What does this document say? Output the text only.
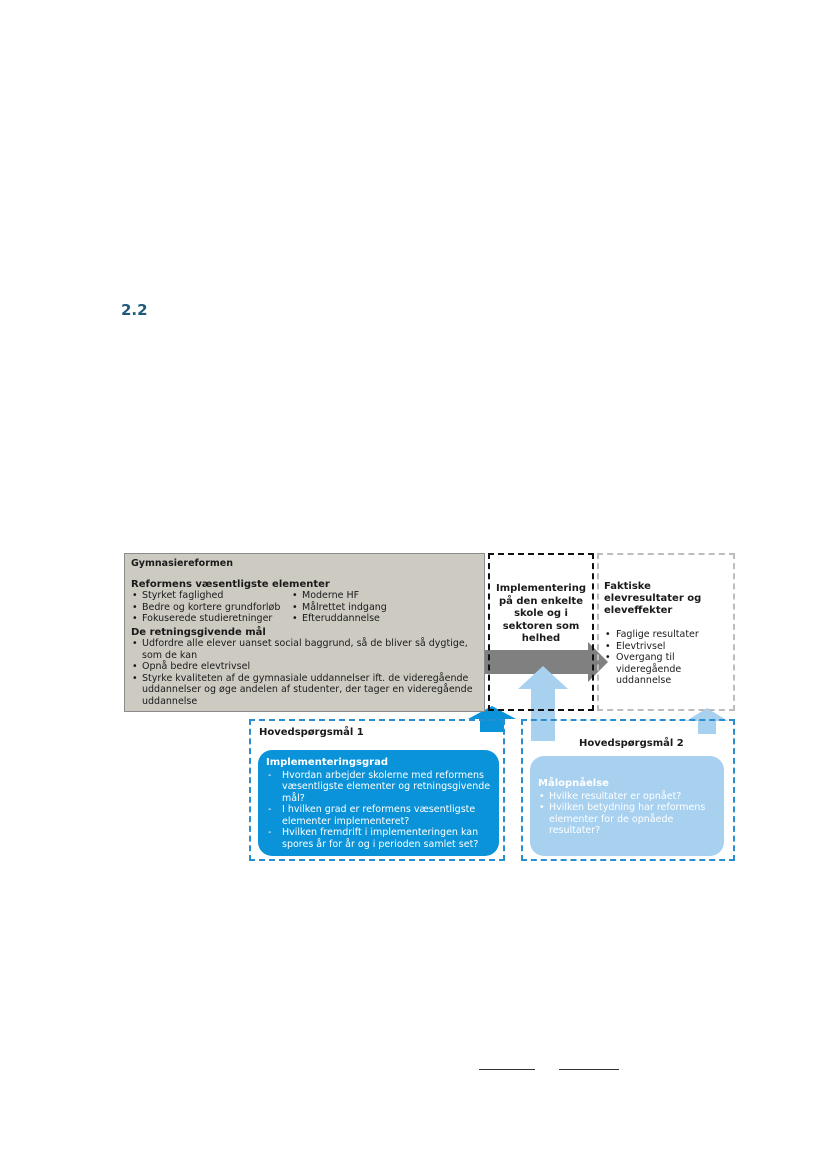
2.2
Gymnasiereformen
Reformens væsentligste elementer
• Styrket faglighed
• Bedre og kortere grundforløb
• Fokuserede studieretninger
• Moderne HF
• Målrettet indgang
• Efteruddannelse
De retningsgivende mål
• Udfordre alle elever uanset social baggrund, så de bliver så dygtige, som de kan
• Opnå bedre elevtrivsel
• Styrke kvaliteten af de gymnasiale uddannelser ift. de videregående uddannelser og øge andelen af studenter, der tager en videregående uddannelse
Implementering på den enkelte skole og i sektoren som helhed
Faktiske elevresultater og eleveffekter
• Faglige resultater
• Elevtrivsel
• Overgang til videregående uddannelse
Hovedspørgsmål 1
Implementeringsgrad
- Hvordan arbejder skolerne med reformens væsentligste elementer og retningsgivende mål?
- I hvilken grad er reformens væsentligste elementer implementeret?
- Hvilken fremdrift i implementeringen kan spores år for år og i perioden samlet set?
Hovedspørgsmål 2
Målopnåelse
• Hvilke resultater er opnået?
• Hvilken betydning har reformens elementer for de opnåede resultater?
